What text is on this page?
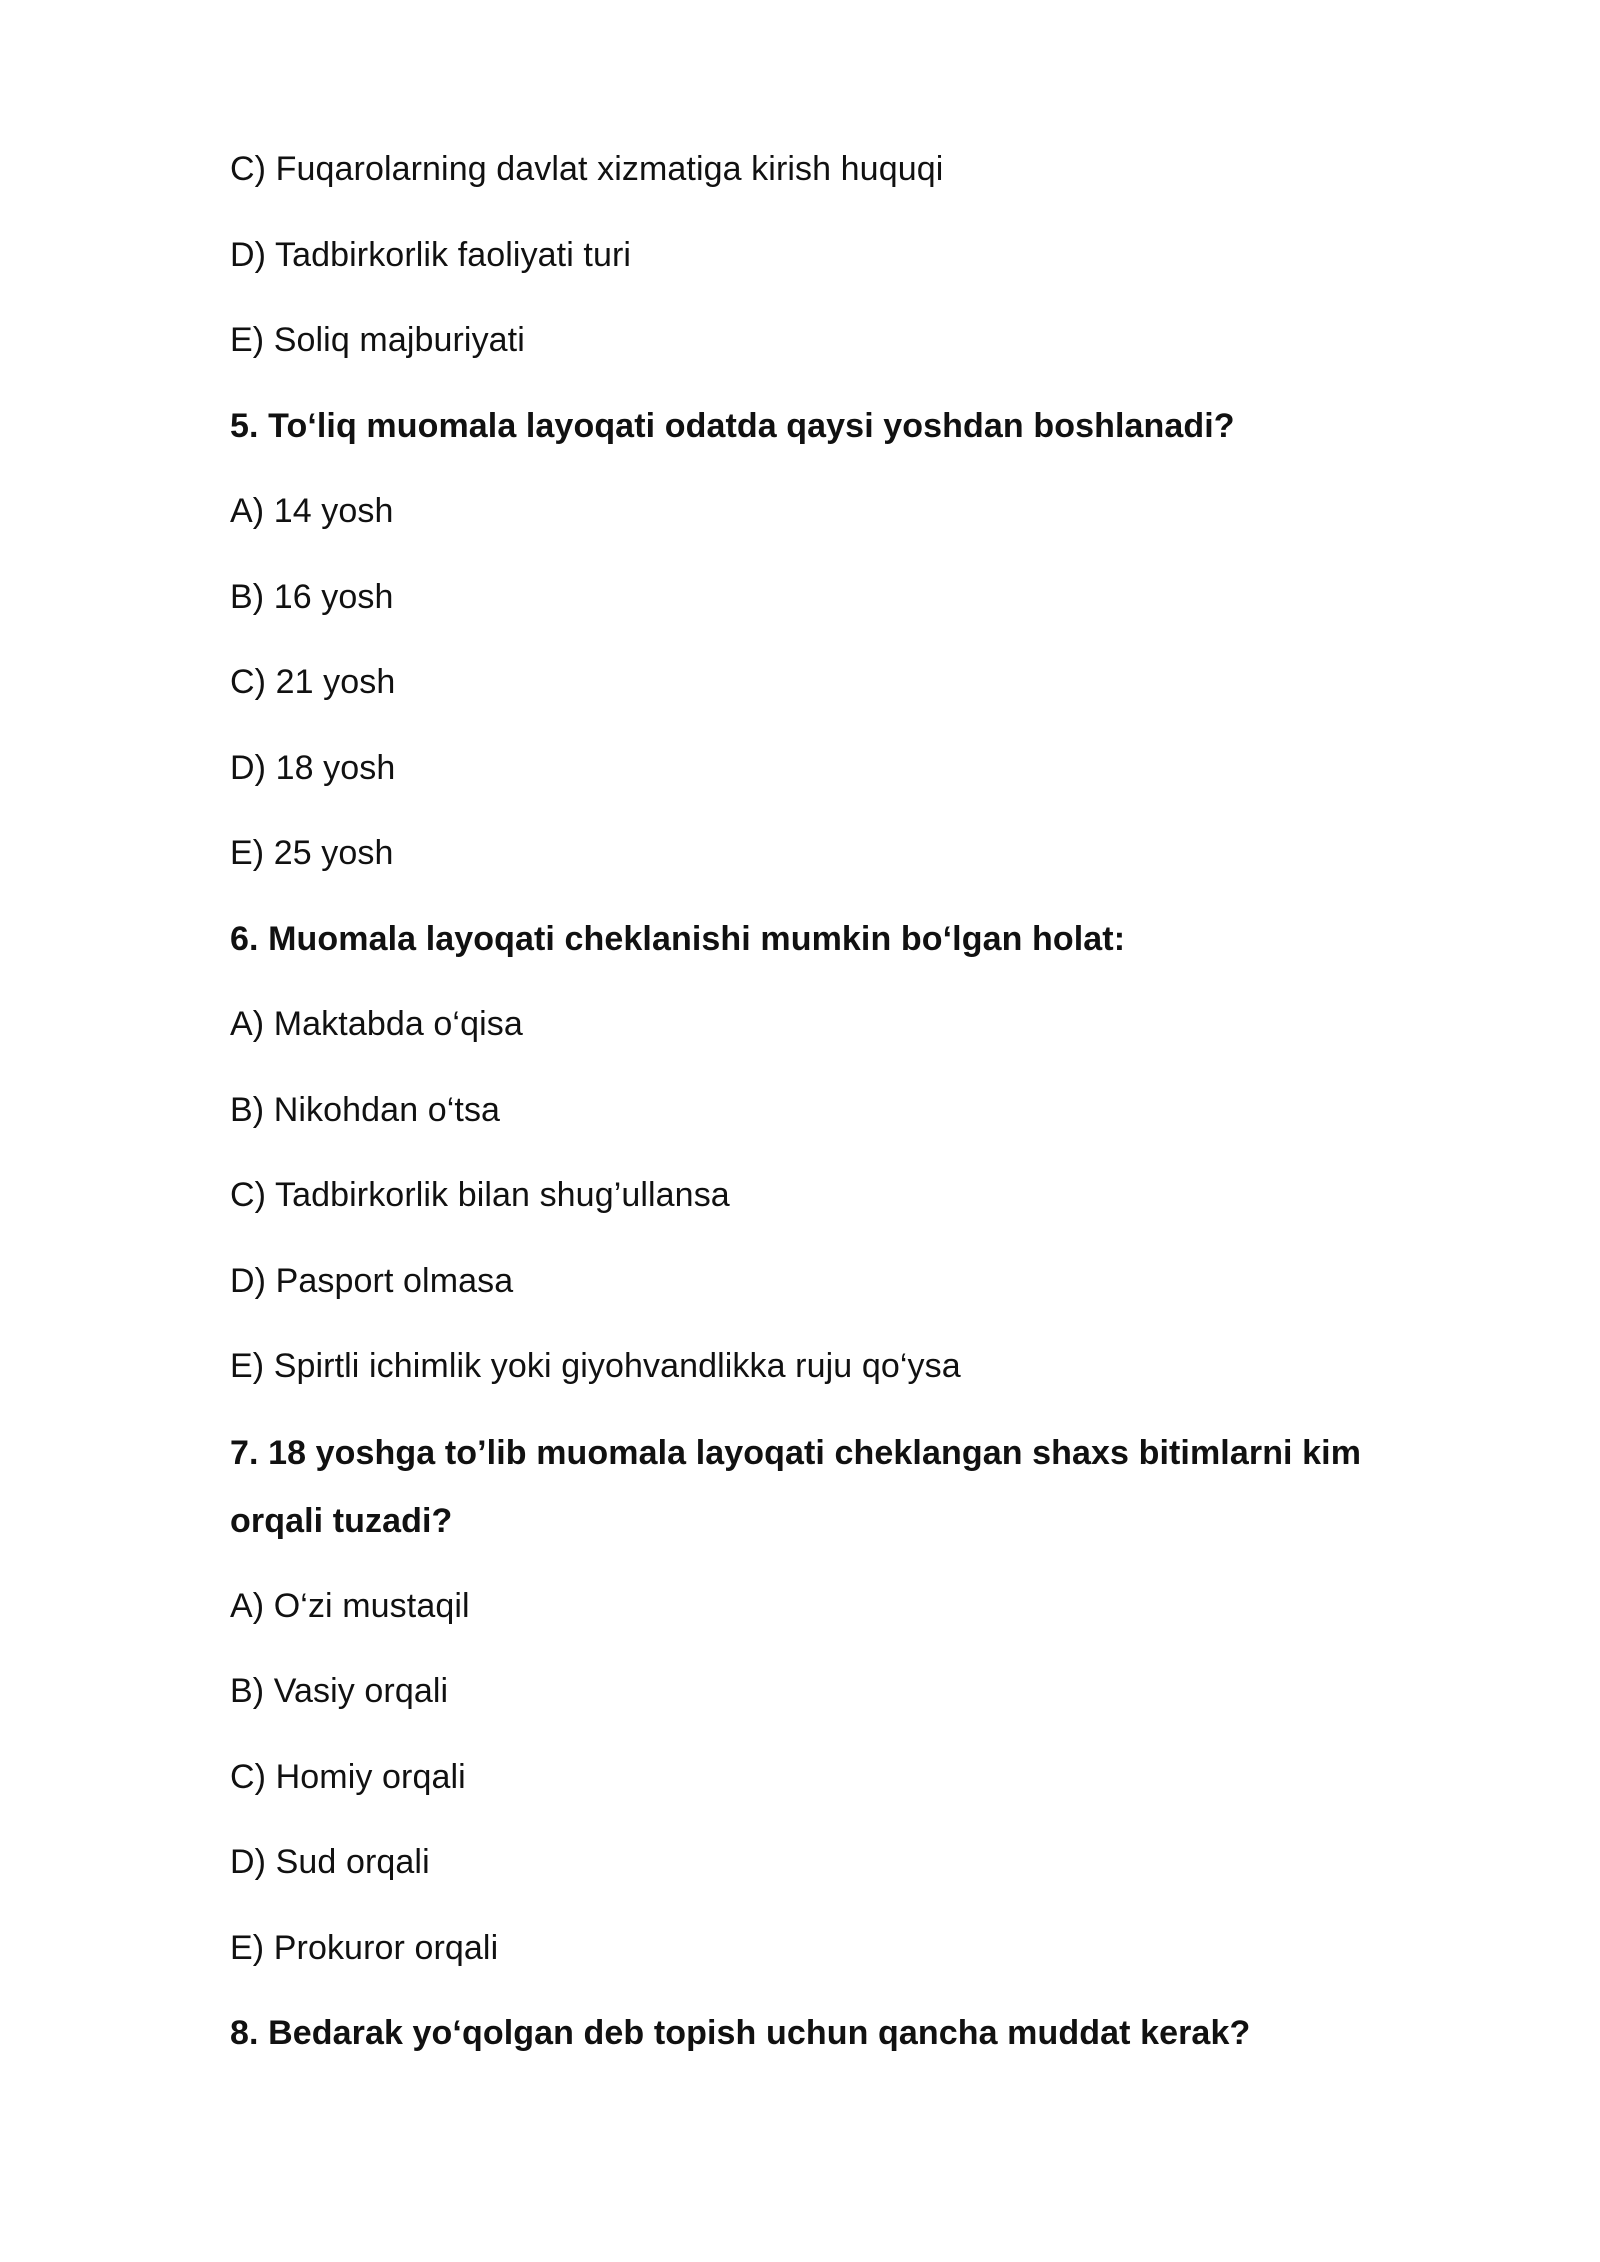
C) Fuqarolarning davlat xizmatiga kirish huquqi
D) Tadbirkorlik faoliyati turi
E) Soliq majburiyati
5. To‘liq muomala layoqati odatda qaysi yoshdan boshlanadi?
A) 14 yosh
B) 16 yosh
C) 21 yosh
D) 18 yosh
E) 25 yosh
6. Muomala layoqati cheklanishi mumkin bo‘lgan holat:
A) Maktabda o‘qisa
B) Nikohdan o‘tsa
C) Tadbirkorlik bilan shug’ullansa
D) Pasport olmasa
E) Spirtli ichimlik yoki giyohvandlikka ruju qo‘ysa
7. 18 yoshga to’lib muomala layoqati cheklangan shaxs bitimlarni kim orqali tuzadi?
A) O‘zi mustaqil
B) Vasiy orqali
C) Homiy orqali
D) Sud orqali
E) Prokuror orqali
8. Bedarak yo‘qolgan deb topish uchun qancha muddat kerak?
